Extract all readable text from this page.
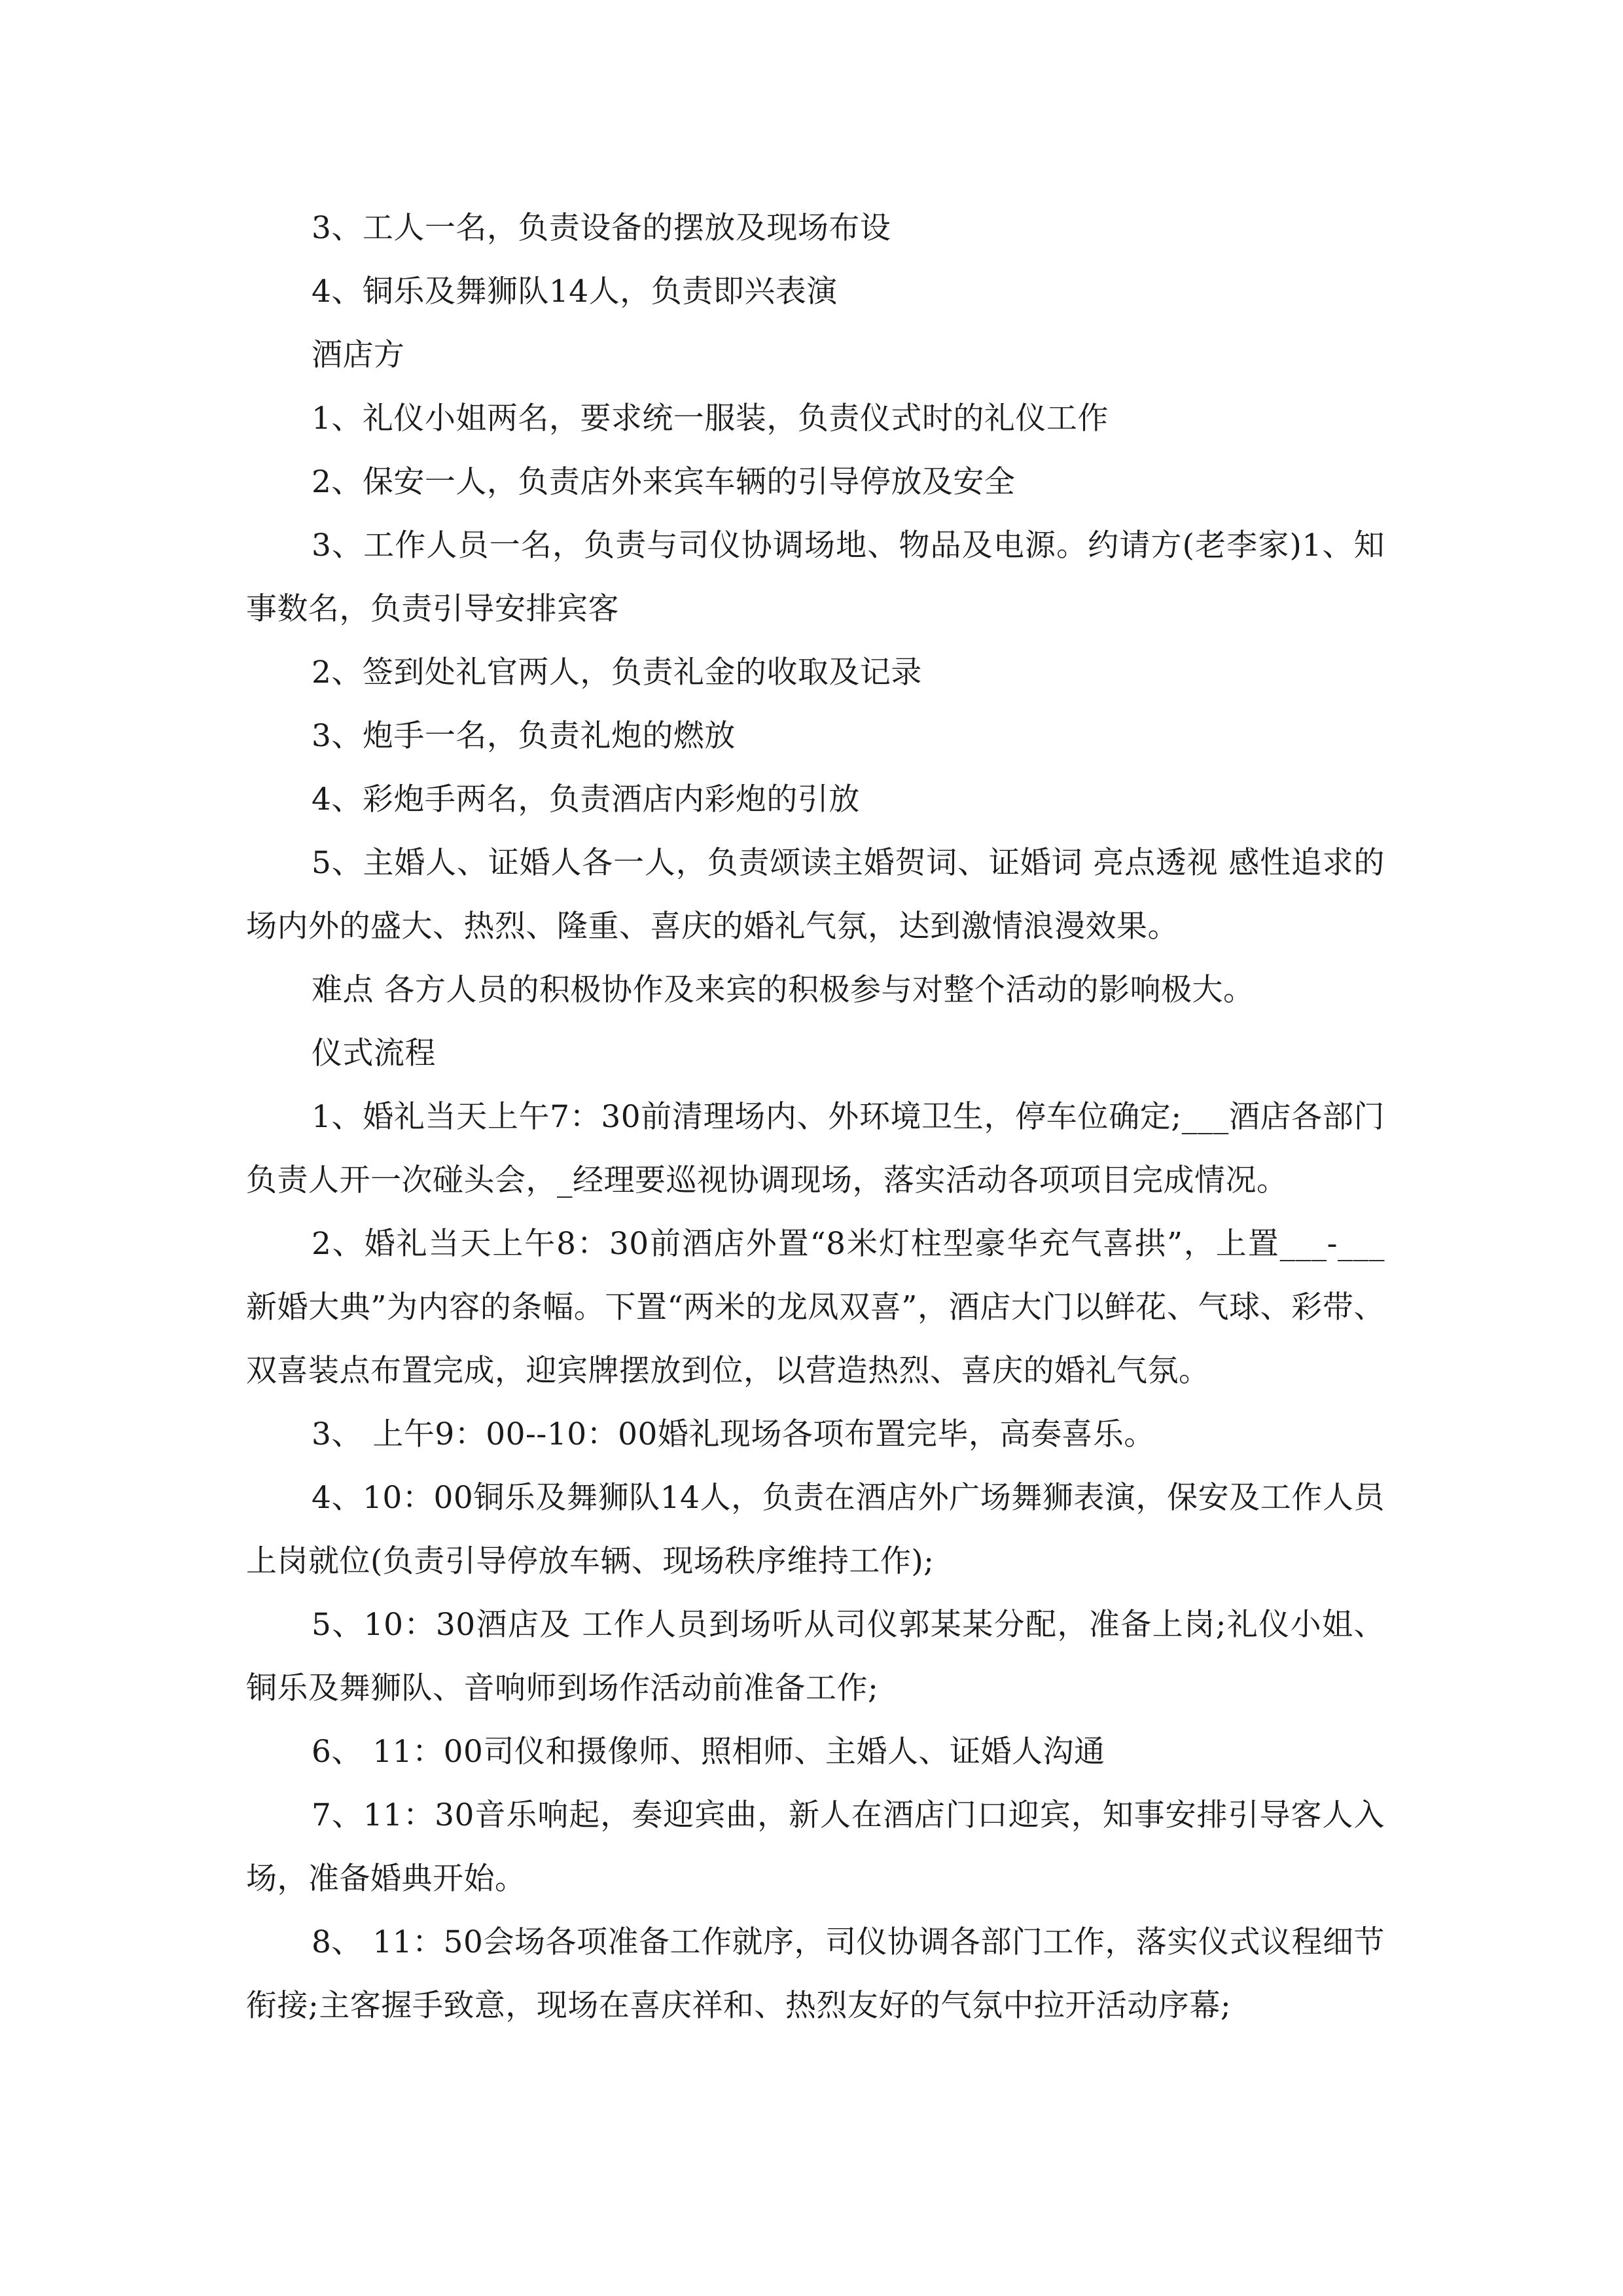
3、工人一名，负责设备的摆放及现场布设

4、铜乐及舞狮队14人，负责即兴表演

酒店方

1、礼仪小姐两名，要求统一服装，负责仪式时的礼仪工作

2、保安一人，负责店外来宾车辆的引导停放及安全

3、工作人员一名，负责与司仪协调场地、物品及电源。约请方(老李家)1、知事数名，负责引导安排宾客

2、签到处礼官两人，负责礼金的收取及记录

3、炮手一名，负责礼炮的燃放

4、彩炮手两名，负责酒店内彩炮的引放

5、主婚人、证婚人各一人，负责颂读主婚贺词、证婚词 亮点透视 感性追求的场内外的盛大、热烈、隆重、喜庆的婚礼气氛，达到激情浪漫效果。

难点 各方人员的积极协作及来宾的积极参与对整个活动的影响极大。

仪式流程

1、婚礼当天上午7：30前清理场内、外环境卫生，停车位确定;___酒店各部门负责人开一次碰头会，_经理要巡视协调现场，落实活动各项项目完成情况。

2、婚礼当天上午8：30前酒店外置“8米灯柱型豪华充气喜拱”，上置___-___新婚大典”为内容的条幅。下置“两米的龙凤双喜”，酒店大门以鲜花、气球、彩带、双喜装点布置完成，迎宾牌摆放到位，以营造热烈、喜庆的婚礼气氛。

3、 上午9：00--10：00婚礼现场各项布置完毕，高奏喜乐。

4、10：00铜乐及舞狮队14人，负责在酒店外广场舞狮表演，保安及工作人员上岗就位(负责引导停放车辆、现场秩序维持工作);

5、10：30酒店及 工作人员到场听从司仪郭某某分配，准备上岗;礼仪小姐、铜乐及舞狮队、音响师到场作活动前准备工作;

6、 11：00司仪和摄像师、照相师、主婚人、证婚人沟通

7、11：30音乐响起，奏迎宾曲，新人在酒店门口迎宾，知事安排引导客人入场，准备婚典开始。

8、 11：50会场各项准备工作就序，司仪协调各部门工作，落实仪式议程细节衔接;主客握手致意，现场在喜庆祥和、热烈友好的气氛中拉开活动序幕;
